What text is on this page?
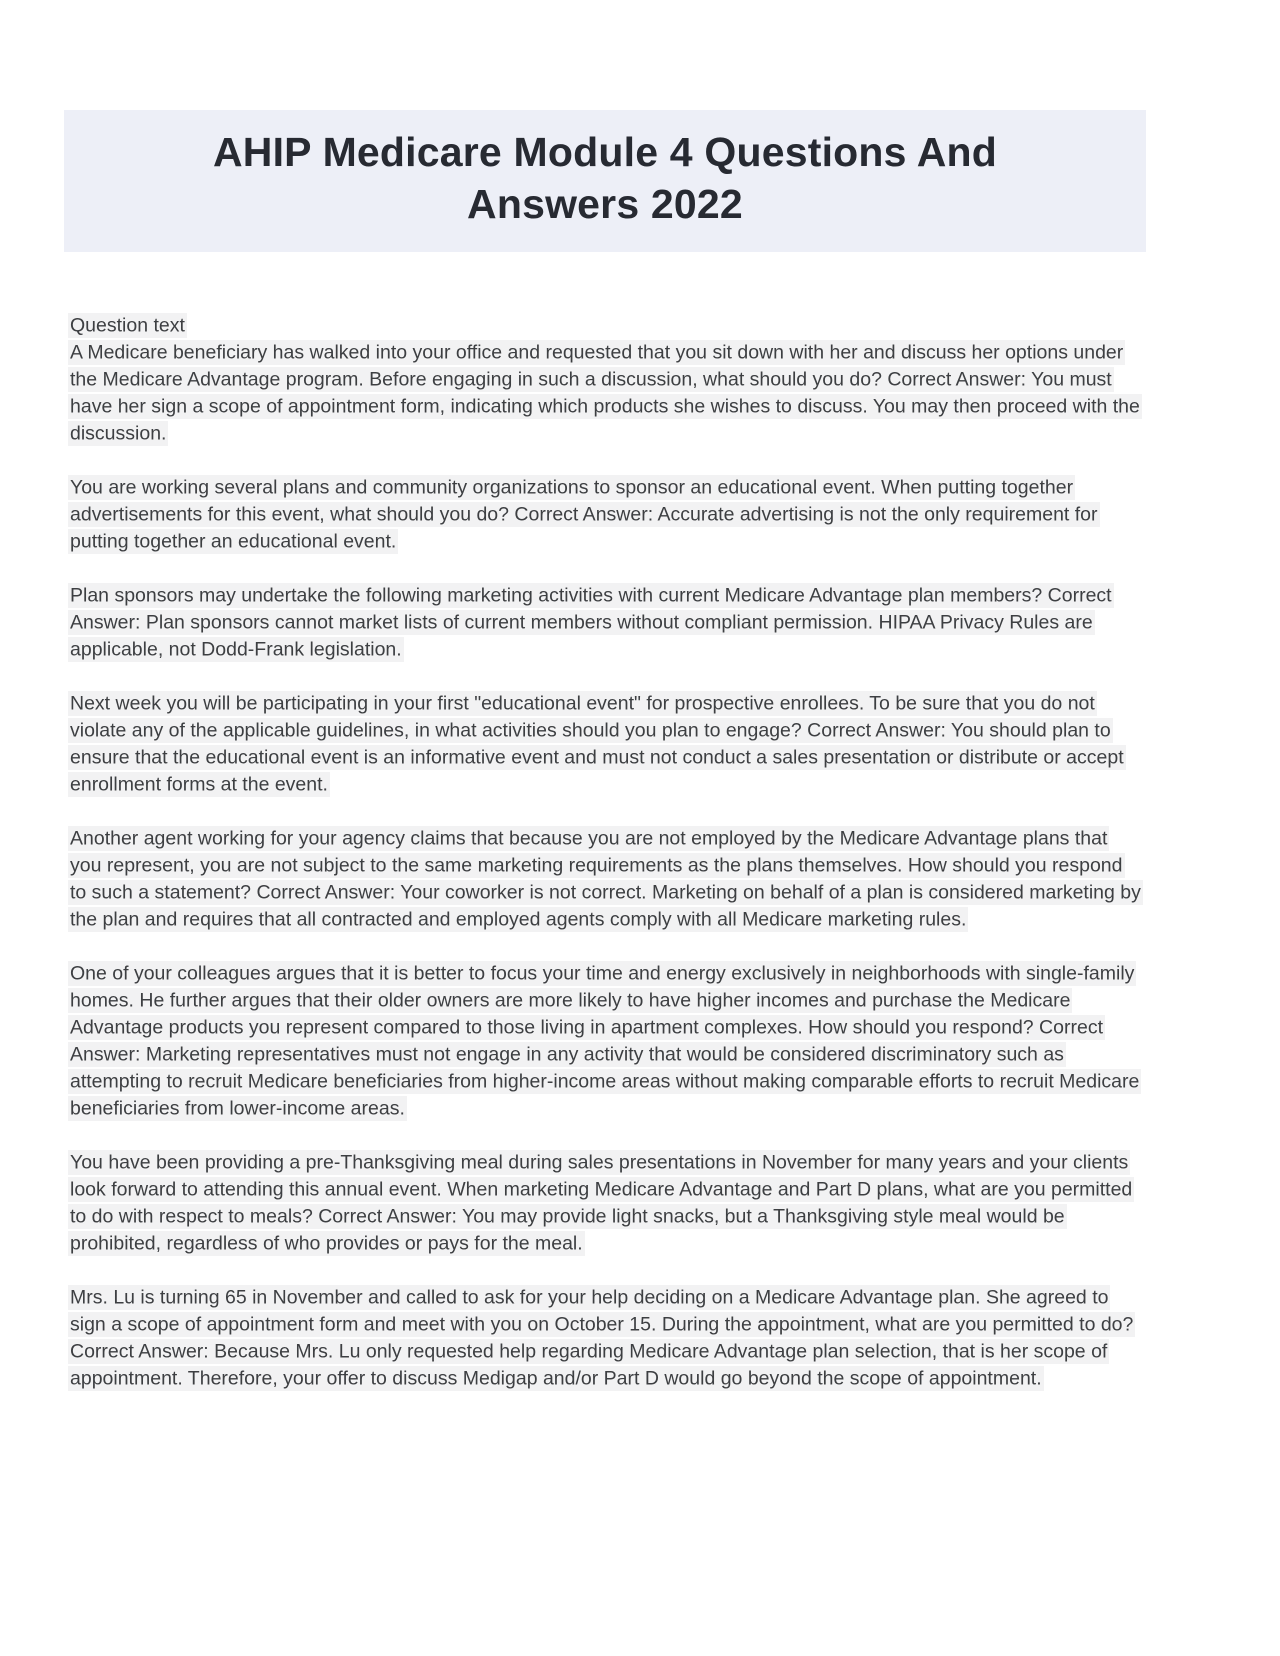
AHIP Medicare Module 4 Questions And Answers 2022

Question text

A Medicare beneficiary has walked into your office and requested that you sit down with her and discuss her options under the Medicare Advantage program. Before engaging in such a discussion, what should you do? Correct Answer: You must have her sign a scope of appointment form, indicating which products she wishes to discuss. You may then proceed with the discussion.

You are working several plans and community organizations to sponsor an educational event. When putting together advertisements for this event, what should you do? Correct Answer: Accurate advertising is not the only requirement for putting together an educational event.

Plan sponsors may undertake the following marketing activities with current Medicare Advantage plan members? Correct Answer: Plan sponsors cannot market lists of current members without compliant permission. HIPAA Privacy Rules are applicable, not Dodd-Frank legislation.

Next week you will be participating in your first "educational event" for prospective enrollees. To be sure that you do not violate any of the applicable guidelines, in what activities should you plan to engage? Correct Answer: You should plan to ensure that the educational event is an informative event and must not conduct a sales presentation or distribute or accept enrollment forms at the event.

Another agent working for your agency claims that because you are not employed by the Medicare Advantage plans that you represent, you are not subject to the same marketing requirements as the plans themselves. How should you respond to such a statement? Correct Answer: Your coworker is not correct. Marketing on behalf of a plan is considered marketing by the plan and requires that all contracted and employed agents comply with all Medicare marketing rules.

One of your colleagues argues that it is better to focus your time and energy exclusively in neighborhoods with single-family homes. He further argues that their older owners are more likely to have higher incomes and purchase the Medicare Advantage products you represent compared to those living in apartment complexes. How should you respond? Correct Answer: Marketing representatives must not engage in any activity that would be considered discriminatory such as attempting to recruit Medicare beneficiaries from higher-income areas without making comparable efforts to recruit Medicare beneficiaries from lower-income areas.

You have been providing a pre-Thanksgiving meal during sales presentations in November for many years and your clients look forward to attending this annual event. When marketing Medicare Advantage and Part D plans, what are you permitted to do with respect to meals? Correct Answer: You may provide light snacks, but a Thanksgiving style meal would be prohibited, regardless of who provides or pays for the meal.

Mrs. Lu is turning 65 in November and called to ask for your help deciding on a Medicare Advantage plan. She agreed to sign a scope of appointment form and meet with you on October 15. During the appointment, what are you permitted to do? Correct Answer: Because Mrs. Lu only requested help regarding Medicare Advantage plan selection, that is her scope of appointment. Therefore, your offer to discuss Medigap and/or Part D would go beyond the scope of appointment.
